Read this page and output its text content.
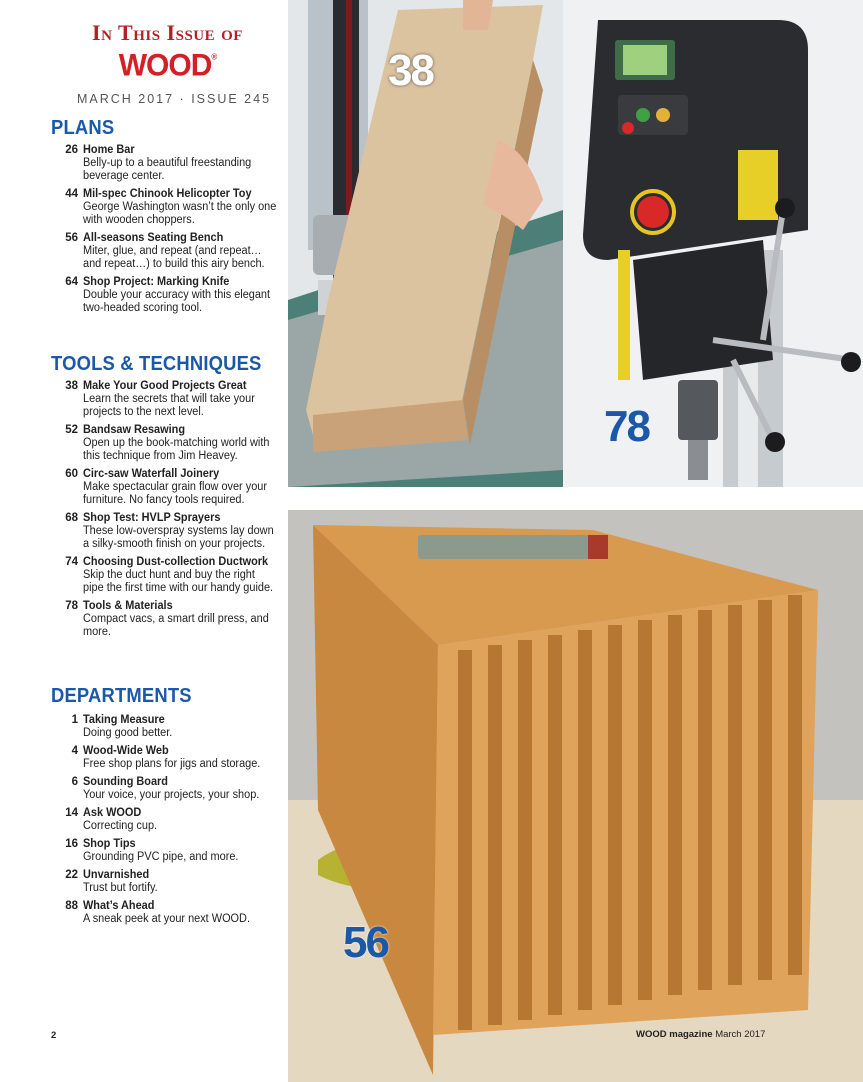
In This Issue of
WOOD®
MARCH 2017 · ISSUE 245
PLANS
26 Home Bar
Belly-up to a beautiful freestanding beverage center.
44 Mil-spec Chinook Helicopter Toy
George Washington wasn’t the only one with wooden choppers.
56 All-seasons Seating Bench
Miter, glue, and repeat (and repeat… and repeat…) to build this airy bench.
64 Shop Project: Marking Knife
Double your accuracy with this elegant two-headed scoring tool.
TOOLS & TECHNIQUES
38 Make Your Good Projects Great
Learn the secrets that will take your projects to the next level.
52 Bandsaw Resawing
Open up the book-matching world with this technique from Jim Heavey.
60 Circ-saw Waterfall Joinery
Make spectacular grain flow over your furniture. No fancy tools required.
68 Shop Test: HVLP Sprayers
These low-overspray systems lay down a silky-smooth finish on your projects.
74 Choosing Dust-collection Ductwork
Skip the duct hunt and buy the right pipe the first time with our handy guide.
78 Tools & Materials
Compact vacs, a smart drill press, and more.
DEPARTMENTS
1 Taking Measure
Doing good better.
4 Wood-Wide Web
Free shop plans for jigs and storage.
6 Sounding Board
Your voice, your projects, your shop.
14 Ask WOOD
Correcting cup.
16 Shop Tips
Grounding PVC pipe, and more.
22 Unvarnished
Trust but fortify.
88 What’s Ahead
A sneak peek at your next WOOD.
38
78
56
2	WOOD magazine March 2017
